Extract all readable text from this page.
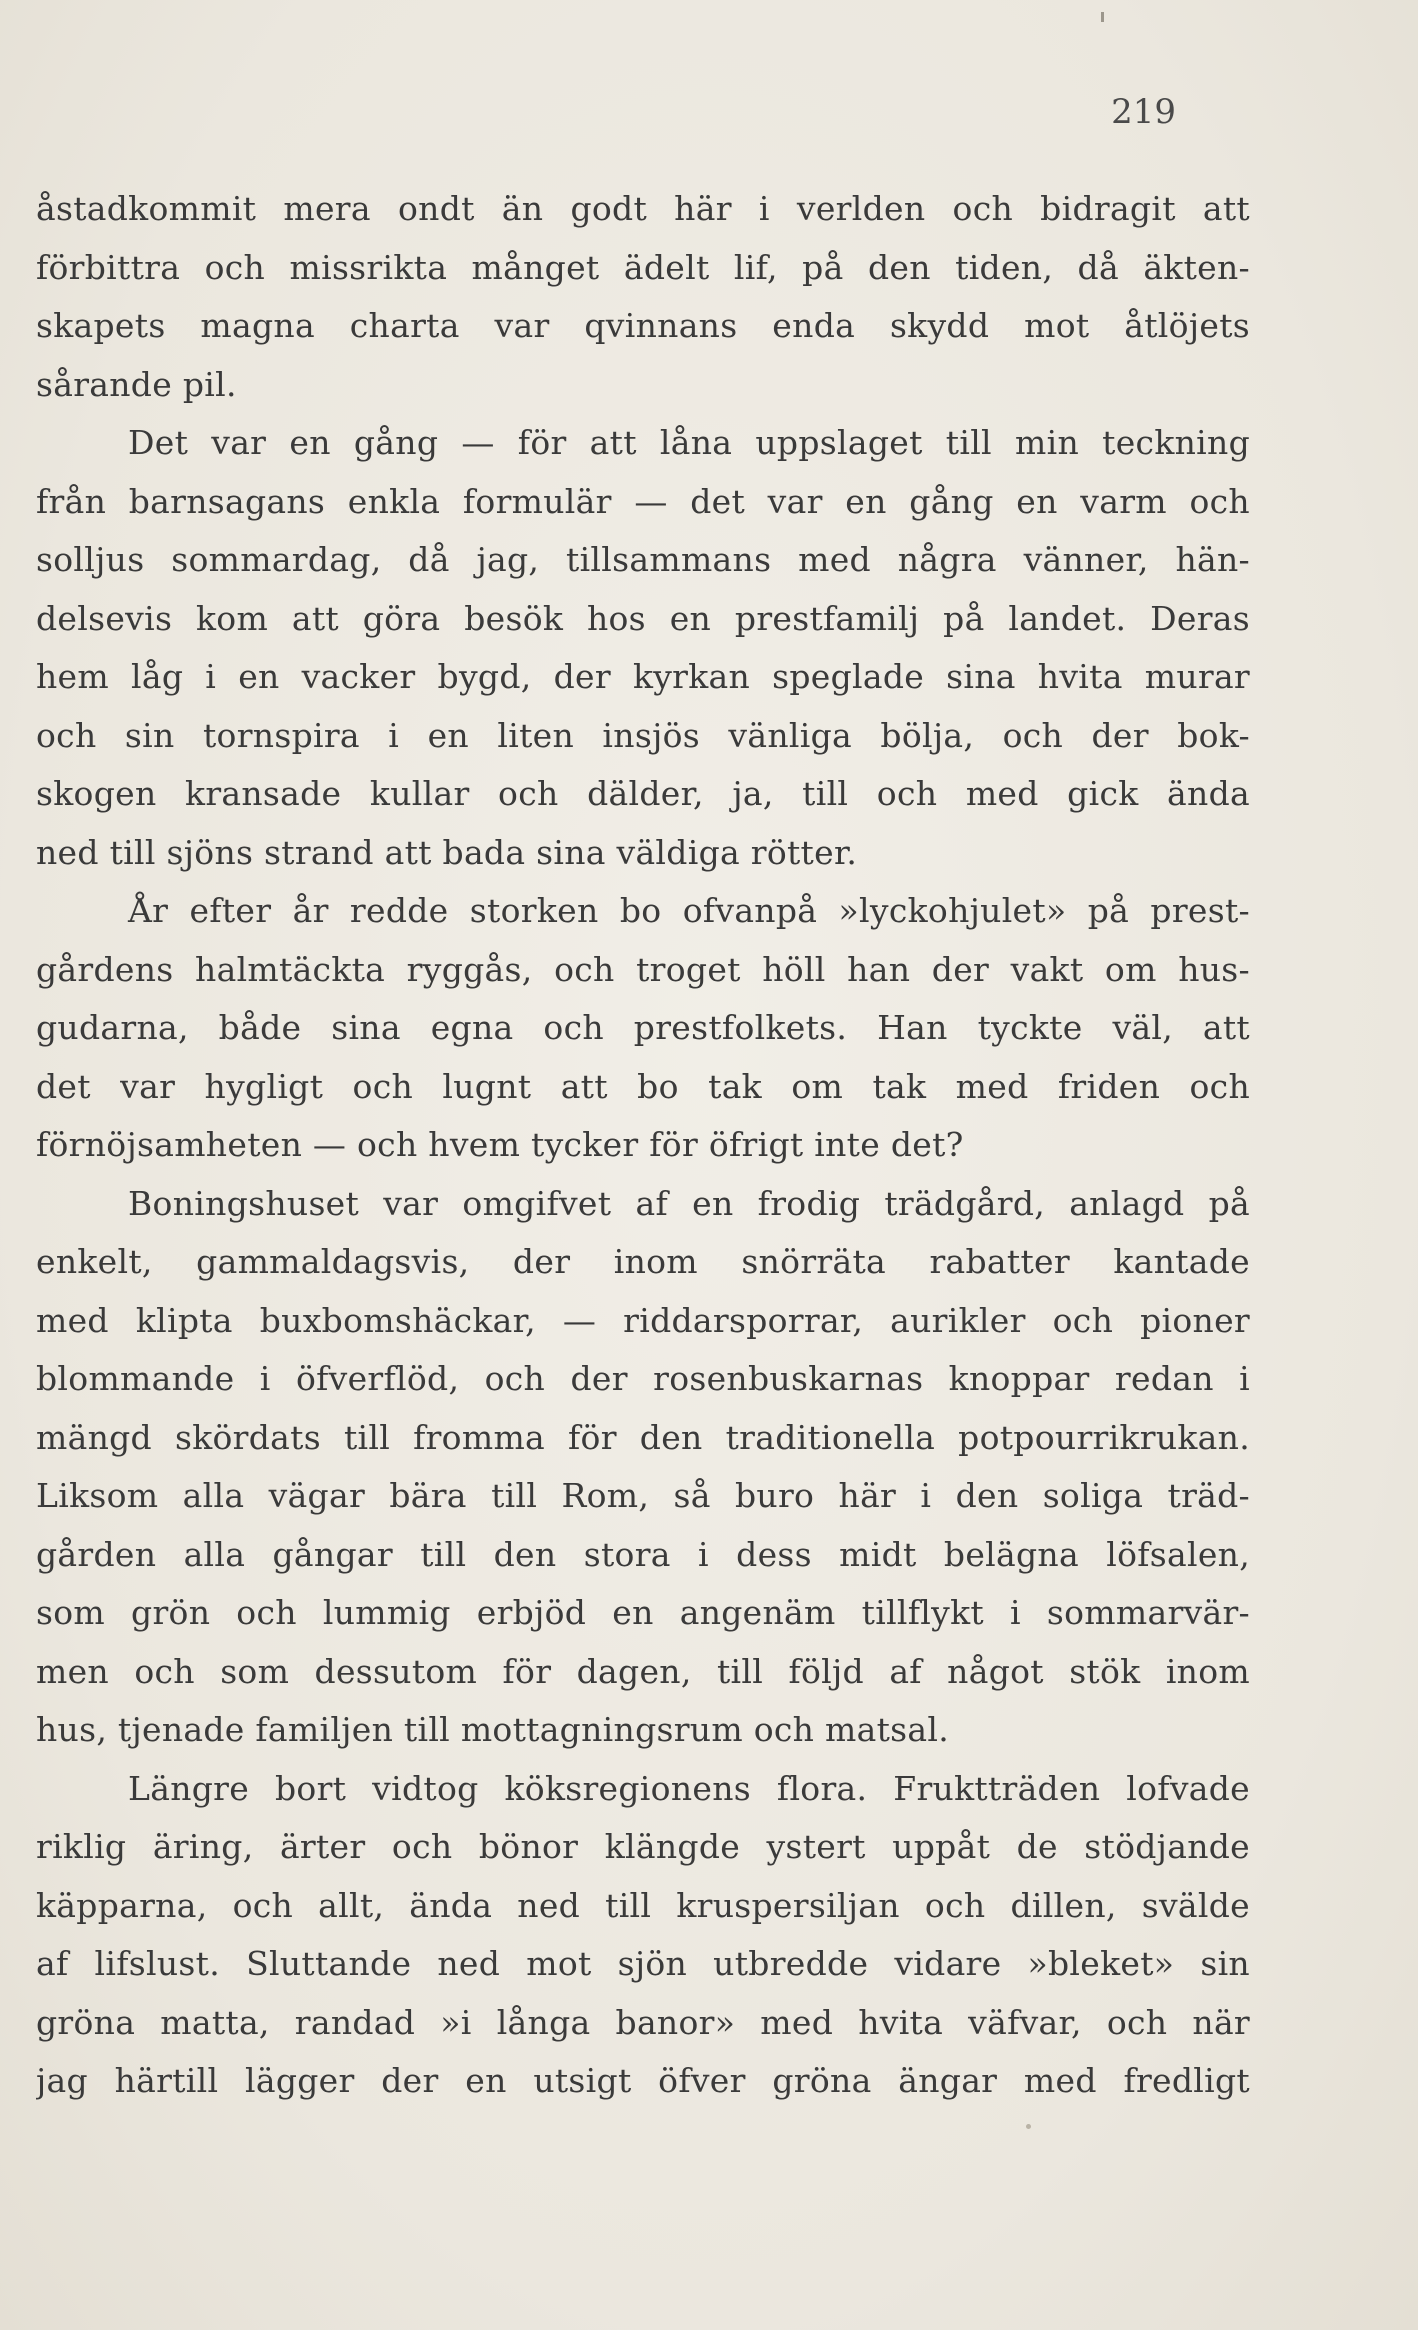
219
åstadkommit mera ondt än godt här i verlden och bidragit att
förbittra och missrikta månget ädelt lif, på den tiden, då äkten-
skapets magna charta var qvinnans enda skydd mot åtlöjets
sårande pil.
Det var en gång — för att låna uppslaget till min teckning
från barnsagans enkla formulär — det var en gång en varm och
solljus sommardag, då jag, tillsammans med några vänner, hän-
delsevis kom att göra besök hos en prestfamilj på landet. Deras
hem låg i en vacker bygd, der kyrkan speglade sina hvita murar
och sin tornspira i en liten insjös vänliga bölja, och der bok-
skogen kransade kullar och dälder, ja, till och med gick ända
ned till sjöns strand att bada sina väldiga rötter.
År efter år redde storken bo ofvanpå »lyckohjulet» på prest-
gårdens halmtäckta ryggås, och troget höll han der vakt om hus-
gudarna, både sina egna och prestfolkets. Han tyckte väl, att
det var hygligt och lugnt att bo tak om tak med friden och
förnöjsamheten — och hvem tycker för öfrigt inte det?
Boningshuset var omgifvet af en frodig trädgård, anlagd på
enkelt, gammaldagsvis, der inom snörräta rabatter kantade
med klipta buxbomshäckar, — riddarsporrar, aurikler och pioner
blommande i öfverflöd, och der rosenbuskarnas knoppar redan i
mängd skördats till fromma för den traditionella potpourrikrukan.
Liksom alla vägar bära till Rom, så buro här i den soliga träd-
gården alla gångar till den stora i dess midt belägna löfsalen,
som grön och lummig erbjöd en angenäm tillflykt i sommarvär-
men och som dessutom för dagen, till följd af något stök inom
hus, tjenade familjen till mottagningsrum och matsal.
Längre bort vidtog köksregionens flora. Fruktträden lofvade
riklig äring, ärter och bönor klängde ystert uppåt de stödjande
käpparna, och allt, ända ned till kruspersiljan och dillen, svälde
af lifslust. Sluttande ned mot sjön utbredde vidare »bleket» sin
gröna matta, randad »i långa banor» med hvita väfvar, och när
jag härtill lägger der en utsigt öfver gröna ängar med fredligt
